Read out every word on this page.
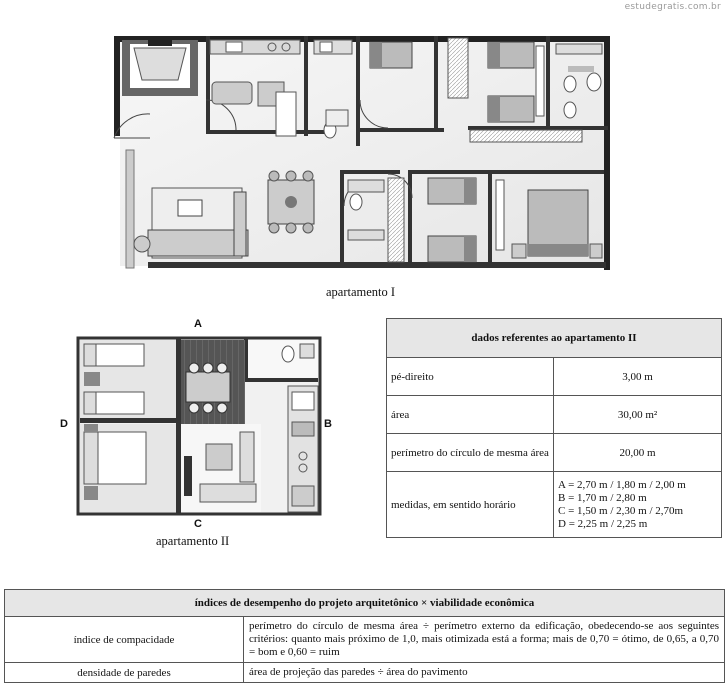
estudegratis.com.br
apartamento I
A
B
C
D
apartamento II
dados referentes ao apartamento II	
pé-direito	3,00 m
área	30,00 m²
perímetro do círculo de mesma área	20,00 m
medidas, em sentido horário	A = 2,70 m / 1,80 m / 2,00 m
B = 1,70 m / 2,80 m
C = 1,50 m / 2,30 m / 2,70m
D = 2,25 m / 2,25 m
índices de desempenho do projeto arquitetônico × viabilidade econômica	
índice de compacidade	perímetro do círculo de mesma área ÷ perímetro externo da edificação, obedecendo-se aos seguintes critérios: quanto mais próximo de 1,0, mais otimizada está a forma; mais de 0,70 = ótimo, de 0,65, a 0,70 = bom e 0,60 = ruim
densidade de paredes	área de projeção das paredes ÷ área do pavimento
